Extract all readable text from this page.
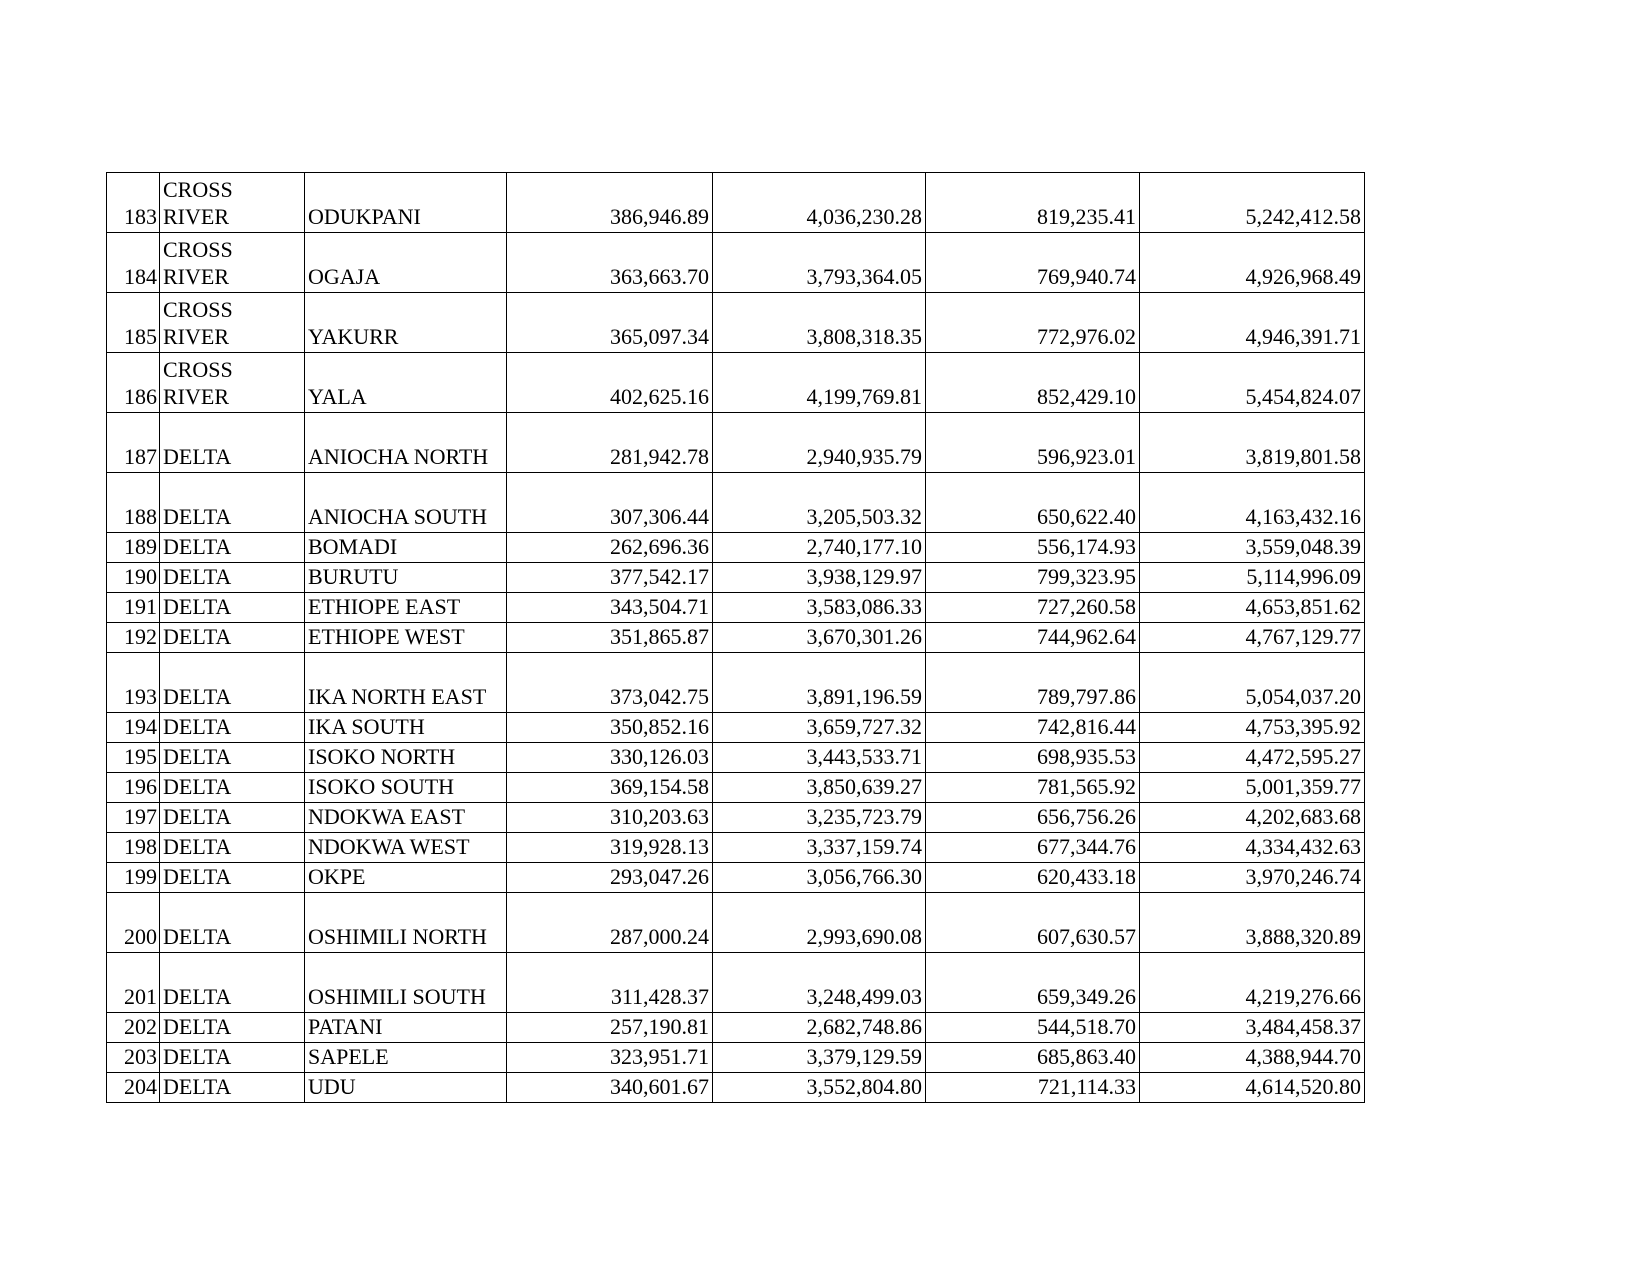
183	CROSS RIVER	ODUKPANI	386,946.89	4,036,230.28	819,235.41	5,242,412.58
184	CROSS RIVER	OGAJA	363,663.70	3,793,364.05	769,940.74	4,926,968.49
185	CROSS RIVER	YAKURR	365,097.34	3,808,318.35	772,976.02	4,946,391.71
186	CROSS RIVER	YALA	402,625.16	4,199,769.81	852,429.10	5,454,824.07
187	DELTA	ANIOCHA NORTH	281,942.78	2,940,935.79	596,923.01	3,819,801.58
188	DELTA	ANIOCHA SOUTH	307,306.44	3,205,503.32	650,622.40	4,163,432.16
189	DELTA	BOMADI	262,696.36	2,740,177.10	556,174.93	3,559,048.39
190	DELTA	BURUTU	377,542.17	3,938,129.97	799,323.95	5,114,996.09
191	DELTA	ETHIOPE EAST	343,504.71	3,583,086.33	727,260.58	4,653,851.62
192	DELTA	ETHIOPE WEST	351,865.87	3,670,301.26	744,962.64	4,767,129.77
193	DELTA	IKA NORTH EAST	373,042.75	3,891,196.59	789,797.86	5,054,037.20
194	DELTA	IKA SOUTH	350,852.16	3,659,727.32	742,816.44	4,753,395.92
195	DELTA	ISOKO NORTH	330,126.03	3,443,533.71	698,935.53	4,472,595.27
196	DELTA	ISOKO SOUTH	369,154.58	3,850,639.27	781,565.92	5,001,359.77
197	DELTA	NDOKWA EAST	310,203.63	3,235,723.79	656,756.26	4,202,683.68
198	DELTA	NDOKWA WEST	319,928.13	3,337,159.74	677,344.76	4,334,432.63
199	DELTA	OKPE	293,047.26	3,056,766.30	620,433.18	3,970,246.74
200	DELTA	OSHIMILI NORTH	287,000.24	2,993,690.08	607,630.57	3,888,320.89
201	DELTA	OSHIMILI SOUTH	311,428.37	3,248,499.03	659,349.26	4,219,276.66
202	DELTA	PATANI	257,190.81	2,682,748.86	544,518.70	3,484,458.37
203	DELTA	SAPELE	323,951.71	3,379,129.59	685,863.40	4,388,944.70
204	DELTA	UDU	340,601.67	3,552,804.80	721,114.33	4,614,520.80
